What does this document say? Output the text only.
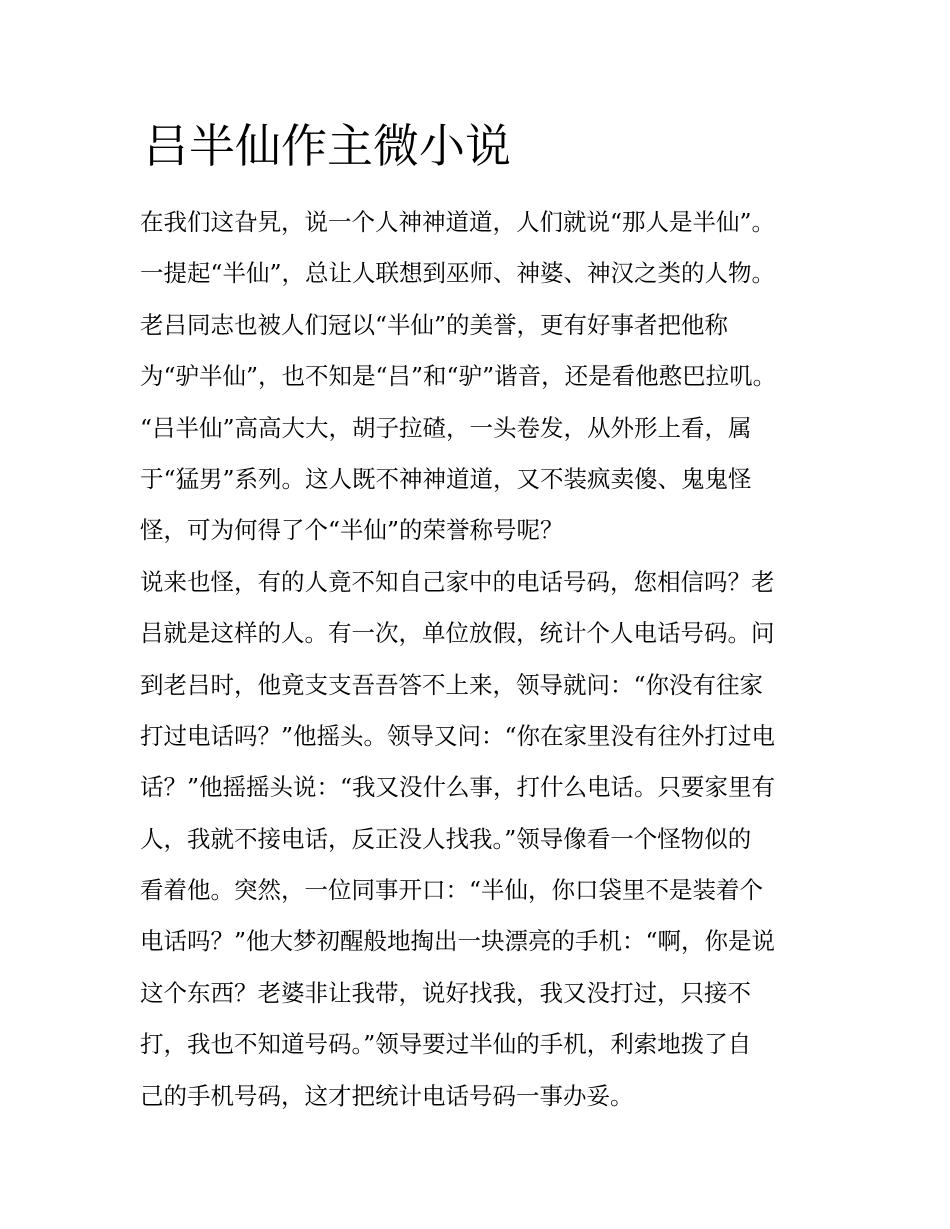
吕半仙作主微小说
在我们这旮旯，说一个人神神道道，人们就说“那人是半仙”。
一提起“半仙”，总让人联想到巫师、神婆、神汉之类的人物。
老吕同志也被人们冠以“半仙”的美誉，更有好事者把他称
为“驴半仙”，也不知是“吕”和“驴”谐音，还是看他憨巴拉叽。
“吕半仙”高高大大，胡子拉碴，一头卷发，从外形上看，属
于“猛男”系列。这人既不神神道道，又不装疯卖傻、鬼鬼怪
怪，可为何得了个“半仙”的荣誉称号呢？
说来也怪，有的人竟不知自己家中的电话号码，您相信吗？老
吕就是这样的人。有一次，单位放假，统计个人电话号码。问
到老吕时，他竟支支吾吾答不上来，领导就问：“你没有往家
打过电话吗？”他摇头。领导又问：“你在家里没有往外打过电
话？”他摇摇头说：“我又没什么事，打什么电话。只要家里有
人，我就不接电话，反正没人找我。”领导像看一个怪物似的
看着他。突然，一位同事开口：“半仙，你口袋里不是装着个
电话吗？”他大梦初醒般地掏出一块漂亮的手机：“啊，你是说
这个东西？老婆非让我带，说好找我，我又没打过，只接不
打，我也不知道号码。”领导要过半仙的手机，利索地拨了自
己的手机号码，这才把统计电话号码一事办妥。
